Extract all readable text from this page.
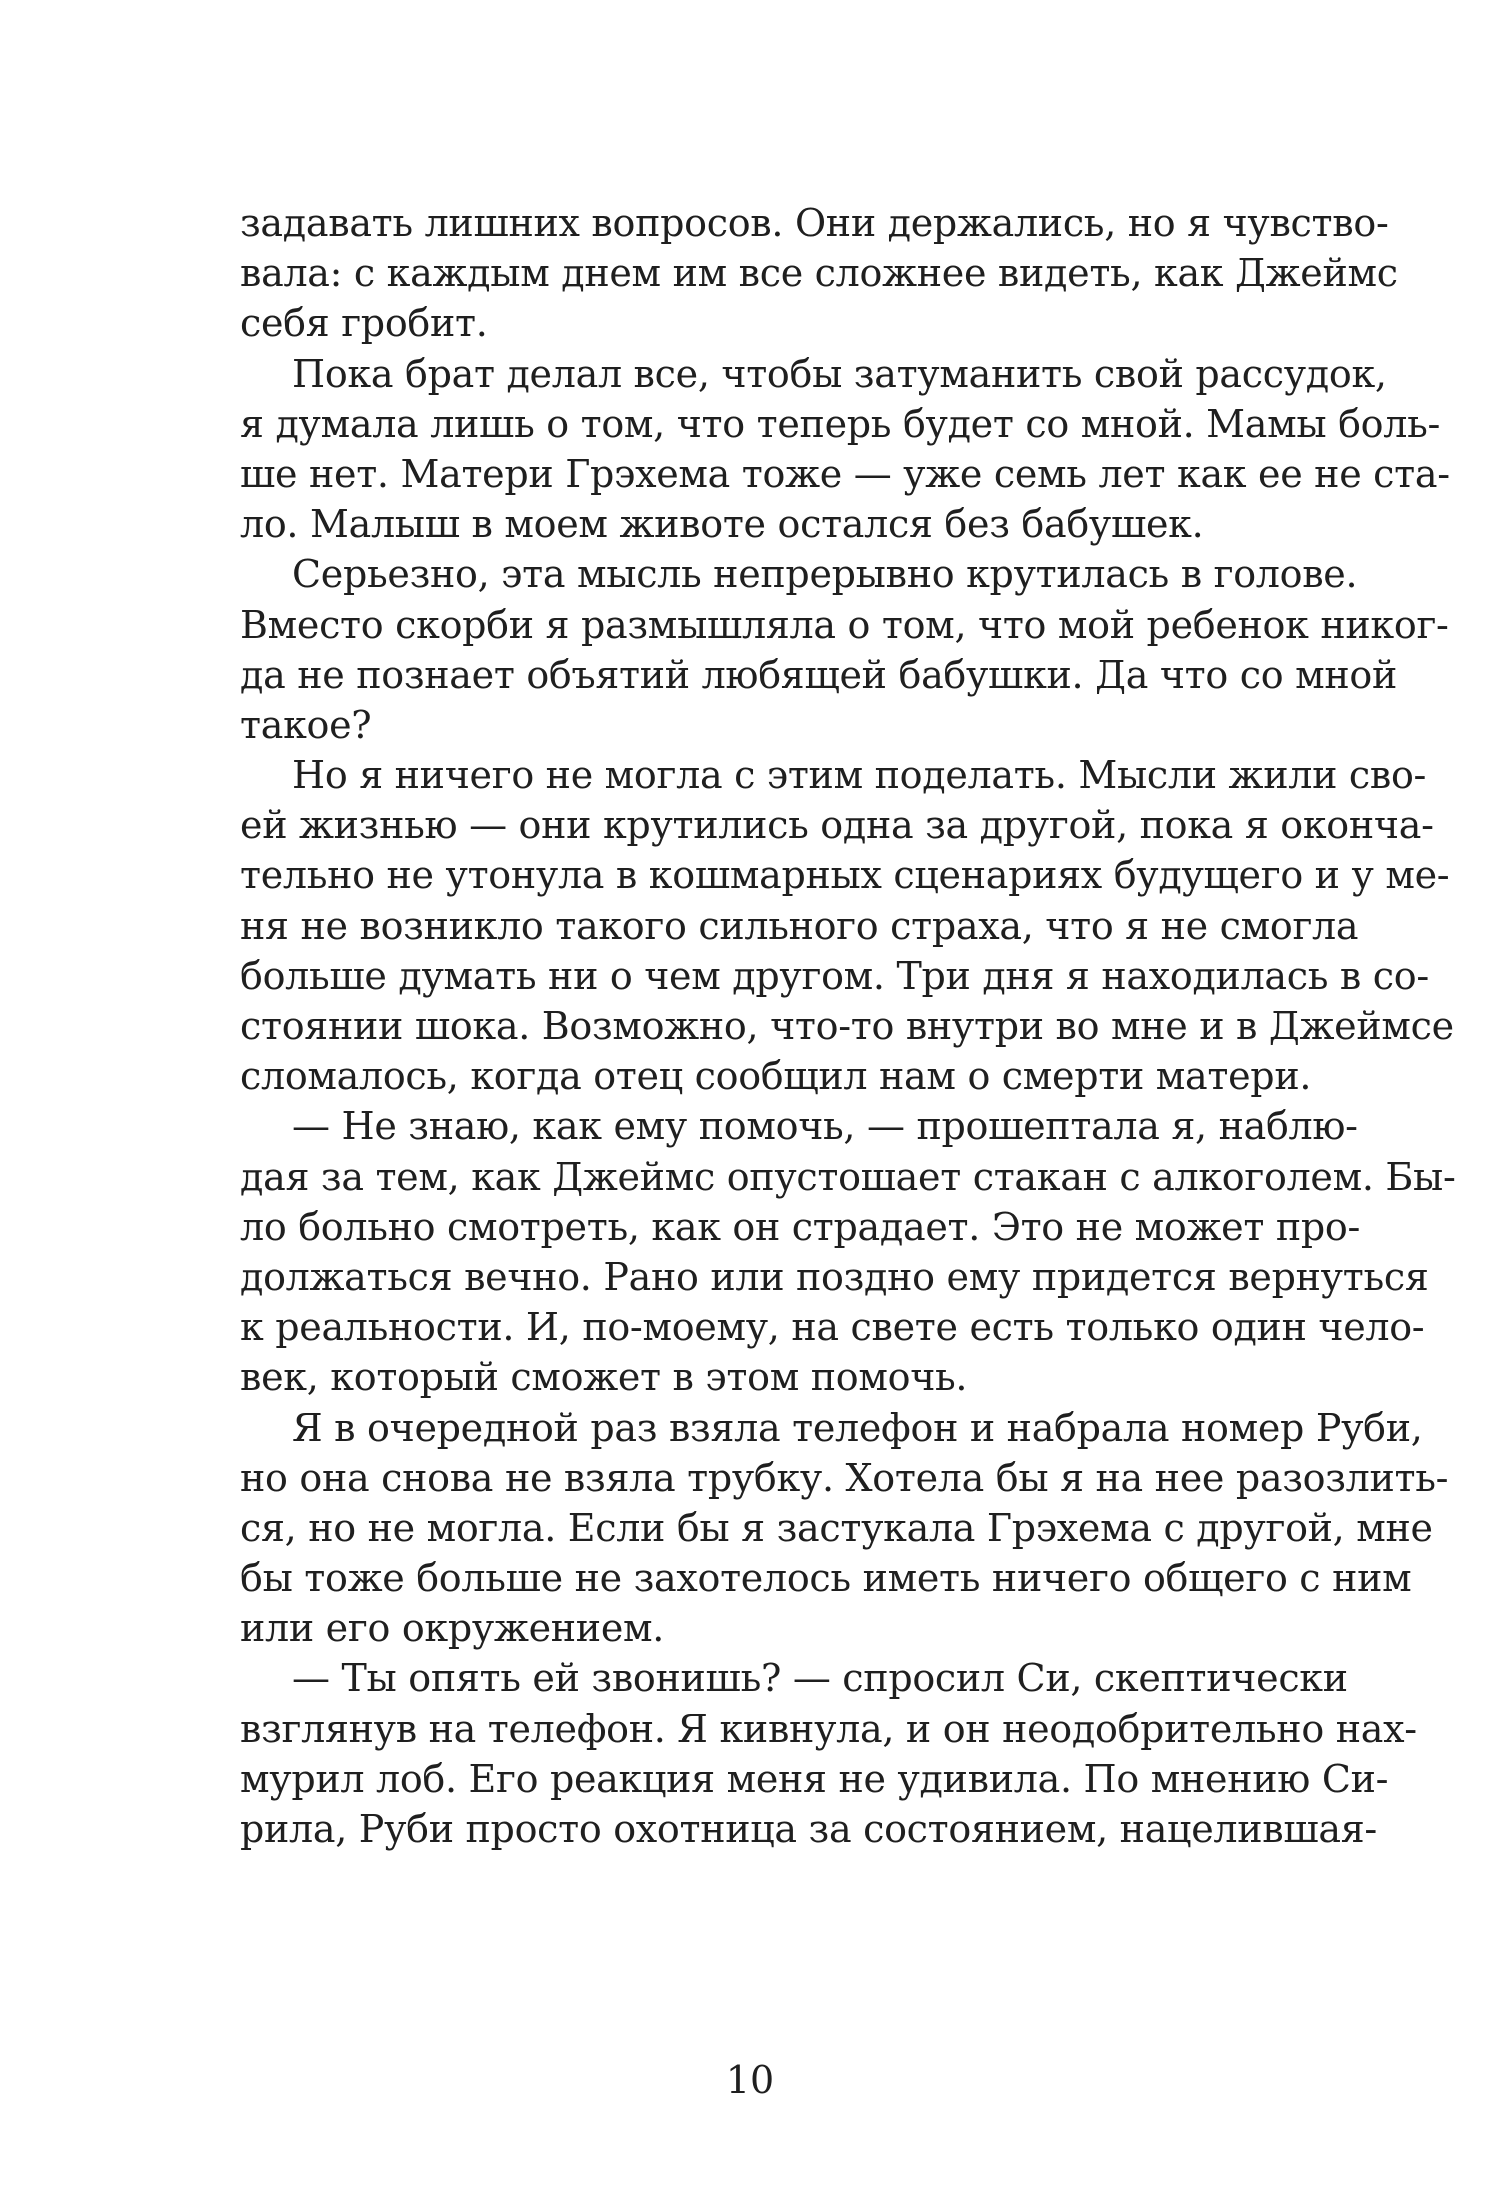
задавать лишних вопросов. Они держались, но я чувство-
вала: с каждым днем им все сложнее видеть, как Джеймс
себя гробит.
Пока брат делал все, чтобы затуманить свой рассудок,
я думала лишь о том, что теперь будет со мной. Мамы боль-
ше нет. Матери Грэхема тоже — уже семь лет как ее не ста-
ло. Малыш в моем животе остался без бабушек.
Серьезно, эта мысль непрерывно крутилась в голове.
Вместо скорби я размышляла о том, что мой ребенок никог-
да не познает объятий любящей бабушки. Да что со мной
такое?
Но я ничего не могла с этим поделать. Мысли жили сво-
ей жизнью — они крутились одна за другой, пока я оконча-
тельно не утонула в кошмарных сценариях будущего и у ме-
ня не возникло такого сильного страха, что я не смогла
больше думать ни о чем другом. Три дня я находилась в со-
стоянии шока. Возможно, что-то внутри во мне и в Джеймсе
сломалось, когда отец сообщил нам о смерти матери.
— Не знаю, как ему помочь, — прошептала я, наблю-
дая за тем, как Джеймс опустошает стакан с алкоголем. Бы-
ло больно смотреть, как он страдает. Это не может про-
должаться вечно. Рано или поздно ему придется вернуться
к реальности. И, по-моему, на свете есть только один чело-
век, который сможет в этом помочь.
Я в очередной раз взяла телефон и набрала номер Руби,
но она снова не взяла трубку. Хотела бы я на нее разозлить-
ся, но не могла. Если бы я застукала Грэхема с другой, мне
бы тоже больше не захотелось иметь ничего общего с ним
или его окружением.
— Ты опять ей звонишь? — спросил Си, скептически
взглянув на телефон. Я кивнула, и он неодобрительно нах-
мурил лоб. Его реакция меня не удивила. По мнению Си-
рила, Руби просто охотница за состоянием, нацелившая-
10
